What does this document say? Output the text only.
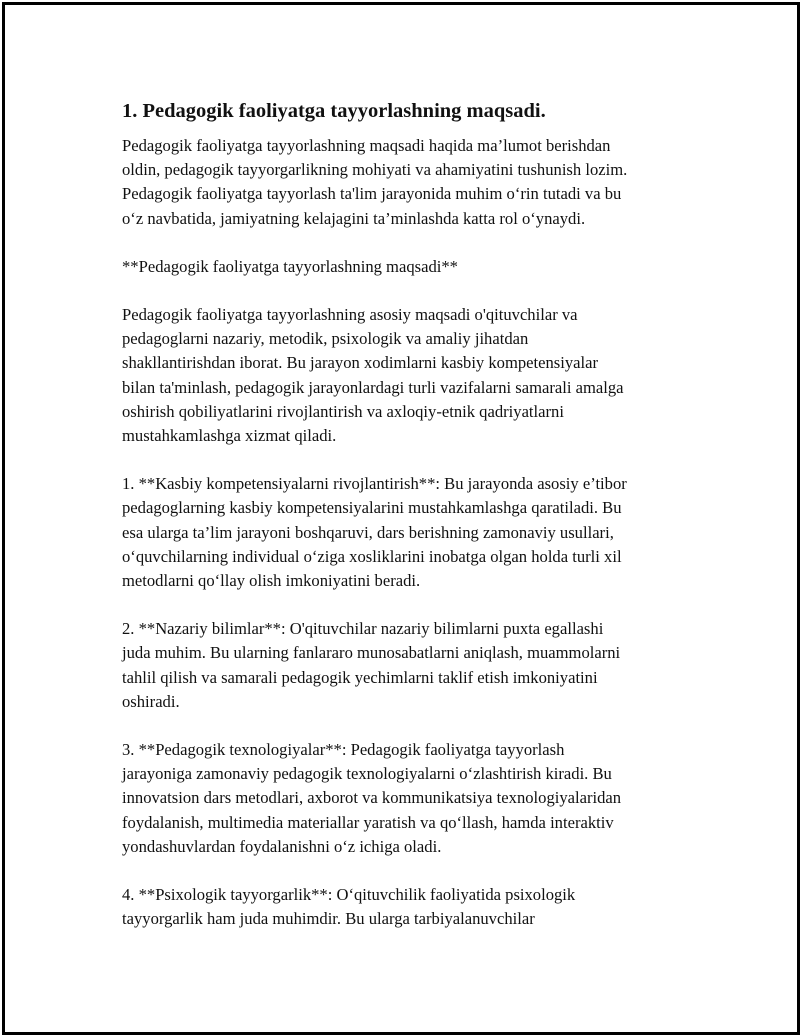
1. Pedagogik faoliyatga tayyorlashning maqsadi.

Pedagogik faoliyatga tayyorlashning maqsadi haqida ma’lumot berishdan
oldin, pedagogik tayyorgarlikning mohiyati va ahamiyatini tushunish lozim.
Pedagogik faoliyatga tayyorlash ta'lim jarayonida muhim o‘rin tutadi va bu
o‘z navbatida, jamiyatning kelajagini ta’minlashda katta rol o‘ynaydi.

**Pedagogik faoliyatga tayyorlashning maqsadi**

Pedagogik faoliyatga tayyorlashning asosiy maqsadi o'qituvchilar va
pedagoglarni nazariy, metodik, psixologik va amaliy jihatdan
shakllantirishdan iborat. Bu jarayon xodimlarni kasbiy kompetensiyalar
bilan ta'minlash, pedagogik jarayonlardagi turli vazifalarni samarali amalga
oshirish qobiliyatlarini rivojlantirish va axloqiy-etnik qadriyatlarni
mustahkamlashga xizmat qiladi.

1. **Kasbiy kompetensiyalarni rivojlantirish**: Bu jarayonda asosiy e’tibor
pedagoglarning kasbiy kompetensiyalarini mustahkamlashga qaratiladi. Bu
esa ularga ta’lim jarayoni boshqaruvi, dars berishning zamonaviy usullari,
o‘quvchilarning individual o‘ziga xosliklarini inobatga olgan holda turli xil
metodlarni qo‘llay olish imkoniyatini beradi.

2. **Nazariy bilimlar**: O'qituvchilar nazariy bilimlarni puxta egallashi
juda muhim. Bu ularning fanlararo munosabatlarni aniqlash, muammolarni
tahlil qilish va samarali pedagogik yechimlarni taklif etish imkoniyatini
oshiradi.

3. **Pedagogik texnologiyalar**: Pedagogik faoliyatga tayyorlash
jarayoniga zamonaviy pedagogik texnologiyalarni o‘zlashtirish kiradi. Bu
innovatsion dars metodlari, axborot va kommunikatsiya texnologiyalaridan
foydalanish, multimedia materiallar yaratish va qo‘llash, hamda interaktiv
yondashuvlardan foydalanishni o‘z ichiga oladi.

4. **Psixologik tayyorgarlik**: O‘qituvchilik faoliyatida psixologik
tayyorgarlik ham juda muhimdir. Bu ularga tarbiyalanuvchilar
